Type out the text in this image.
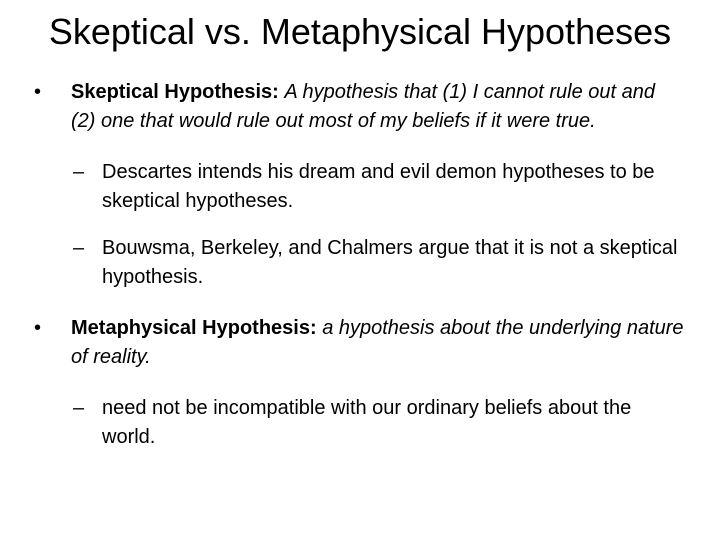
Skeptical vs. Metaphysical Hypotheses
•	Skeptical Hypothesis: A hypothesis that (1) I cannot rule out and (2) one that would rule out most of my beliefs if it were true.
– Descartes intends his dream and evil demon hypotheses to be skeptical hypotheses.
– Bouwsma, Berkeley, and Chalmers argue that it is not a skeptical hypothesis.
•	Metaphysical Hypothesis: a hypothesis about the underlying nature of reality.
– need not be incompatible with our ordinary beliefs about the world.
